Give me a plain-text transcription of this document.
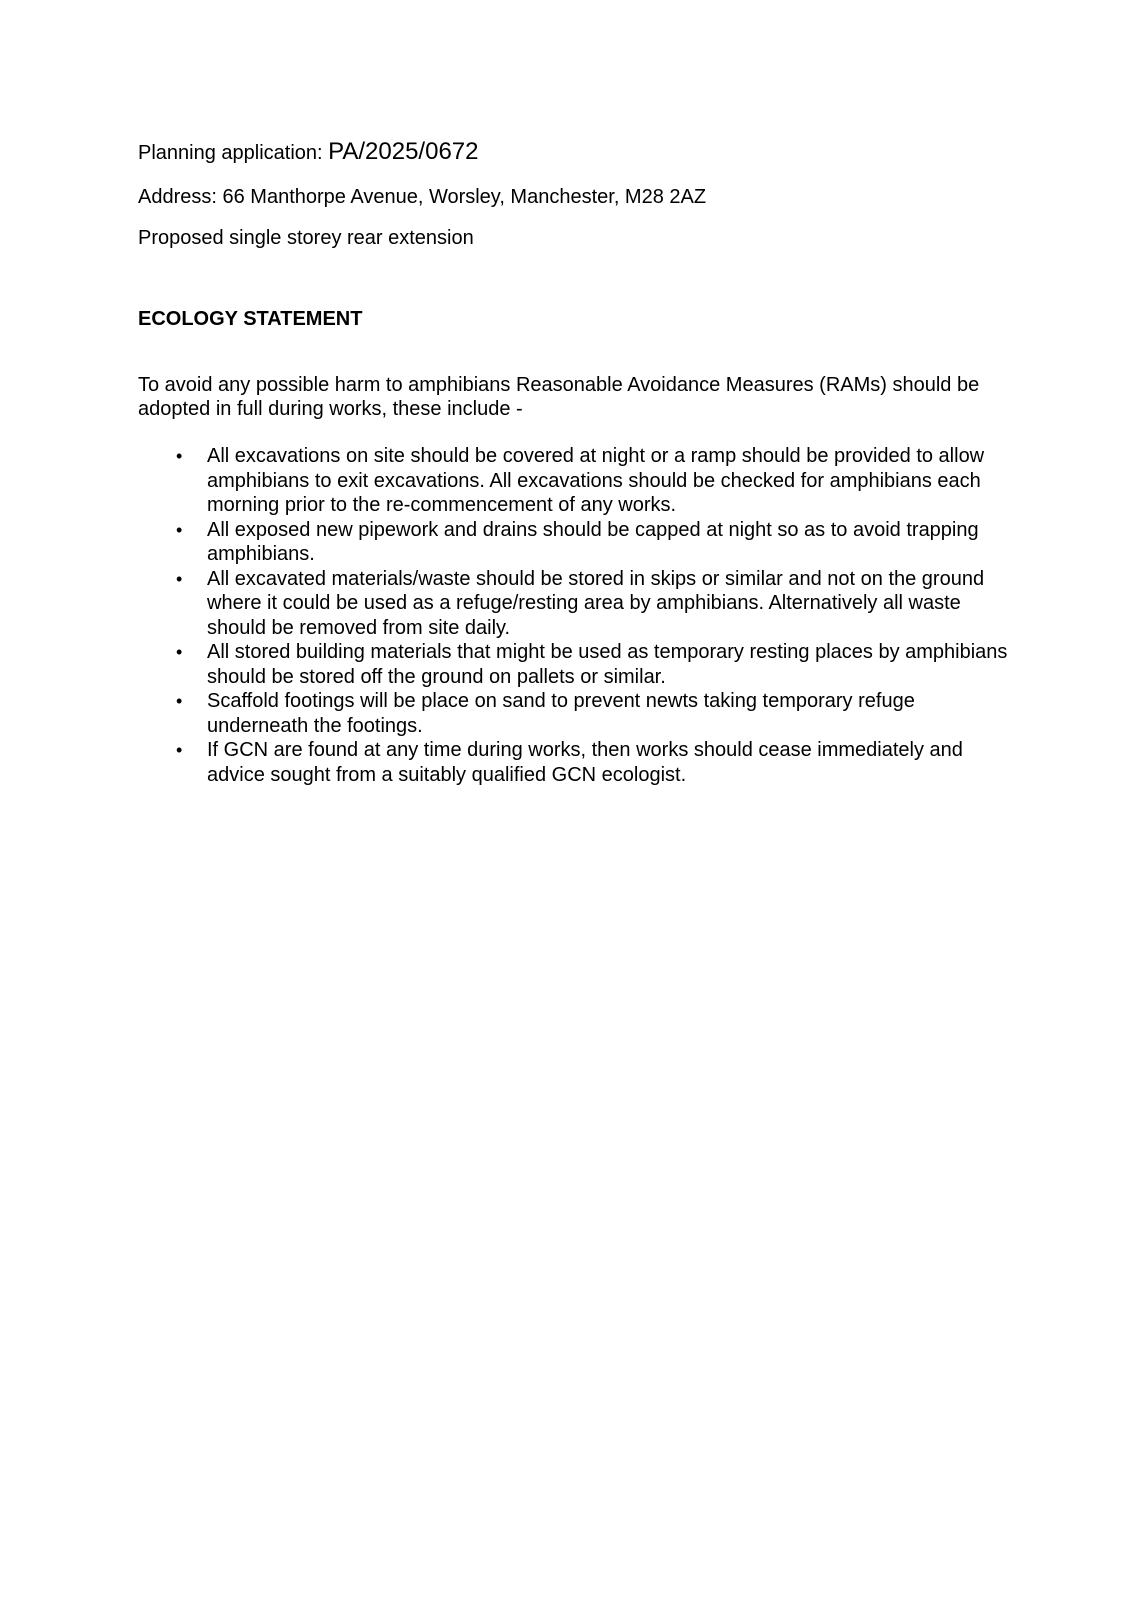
Planning application: PA/2025/0672
Address: 66 Manthorpe Avenue, Worsley, Manchester, M28 2AZ
Proposed single storey rear extension
ECOLOGY STATEMENT
To avoid any possible harm to amphibians Reasonable Avoidance Measures (RAMs) should be adopted in full during works, these include -
• All excavations on site should be covered at night or a ramp should be provided to allow amphibians to exit excavations. All excavations should be checked for amphibians each morning prior to the re-commencement of any works.
• All exposed new pipework and drains should be capped at night so as to avoid trapping amphibians.
• All excavated materials/waste should be stored in skips or similar and not on the ground where it could be used as a refuge/resting area by amphibians. Alternatively all waste should be removed from site daily.
• All stored building materials that might be used as temporary resting places by amphibians should be stored off the ground on pallets or similar.
• Scaffold footings will be place on sand to prevent newts taking temporary refuge underneath the footings.
• If GCN are found at any time during works, then works should cease immediately and advice sought from a suitably qualified GCN ecologist.
